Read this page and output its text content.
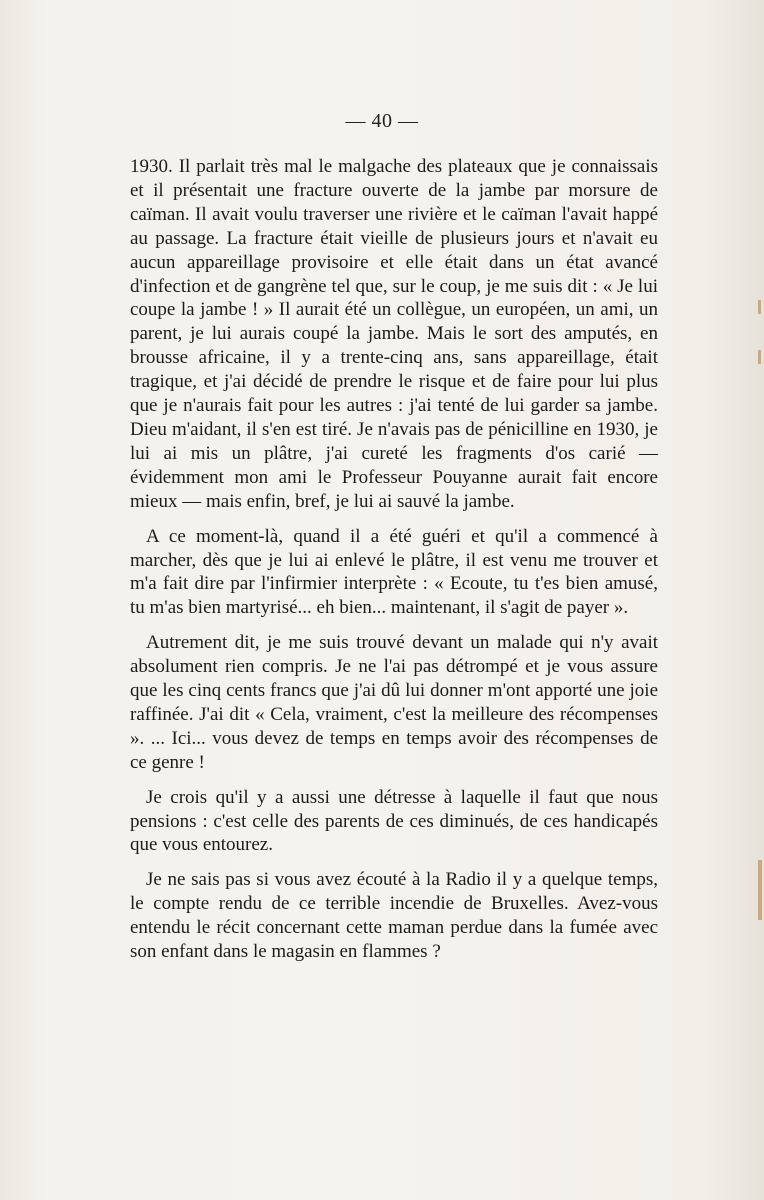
— 40 —

1930. Il parlait très mal le malgache des plateaux que je connaissais et il présentait une fracture ouverte de la jambe par morsure de caïman. Il avait voulu traverser une rivière et le caïman l'avait happé au passage. La fracture était vieille de plusieurs jours et n'avait eu aucun appareillage provisoire et elle était dans un état avancé d'infection et de gangrène tel que, sur le coup, je me suis dit : « Je lui coupe la jambe ! » Il aurait été un collègue, un européen, un ami, un parent, je lui aurais coupé la jambe. Mais le sort des amputés, en brousse africaine, il y a trente-cinq ans, sans appareillage, était tragique, et j'ai décidé de prendre le risque et de faire pour lui plus que je n'aurais fait pour les autres : j'ai tenté de lui garder sa jambe. Dieu m'aidant, il s'en est tiré. Je n'avais pas de pénicilline en 1930, je lui ai mis un plâtre, j'ai cureté les fragments d'os carié — évidemment mon ami le Professeur Pouyanne aurait fait encore mieux — mais enfin, bref, je lui ai sauvé la jambe.

A ce moment-là, quand il a été guéri et qu'il a commencé à marcher, dès que je lui ai enlevé le plâtre, il est venu me trouver et m'a fait dire par l'infirmier interprète : « Ecoute, tu t'es bien amusé, tu m'as bien martyrisé... eh bien... maintenant, il s'agit de payer ».

Autrement dit, je me suis trouvé devant un malade qui n'y avait absolument rien compris. Je ne l'ai pas détrompé et je vous assure que les cinq cents francs que j'ai dû lui donner m'ont apporté une joie raffinée. J'ai dit « Cela, vraiment, c'est la meilleure des récompenses ». ... Ici... vous devez de temps en temps avoir des récompenses de ce genre !

Je crois qu'il y a aussi une détresse à laquelle il faut que nous pensions : c'est celle des parents de ces diminués, de ces handicapés que vous entourez.

Je ne sais pas si vous avez écouté à la Radio il y a quelque temps, le compte rendu de ce terrible incendie de Bruxelles. Avez-vous entendu le récit concernant cette maman perdue dans la fumée avec son enfant dans le magasin en flammes ?
